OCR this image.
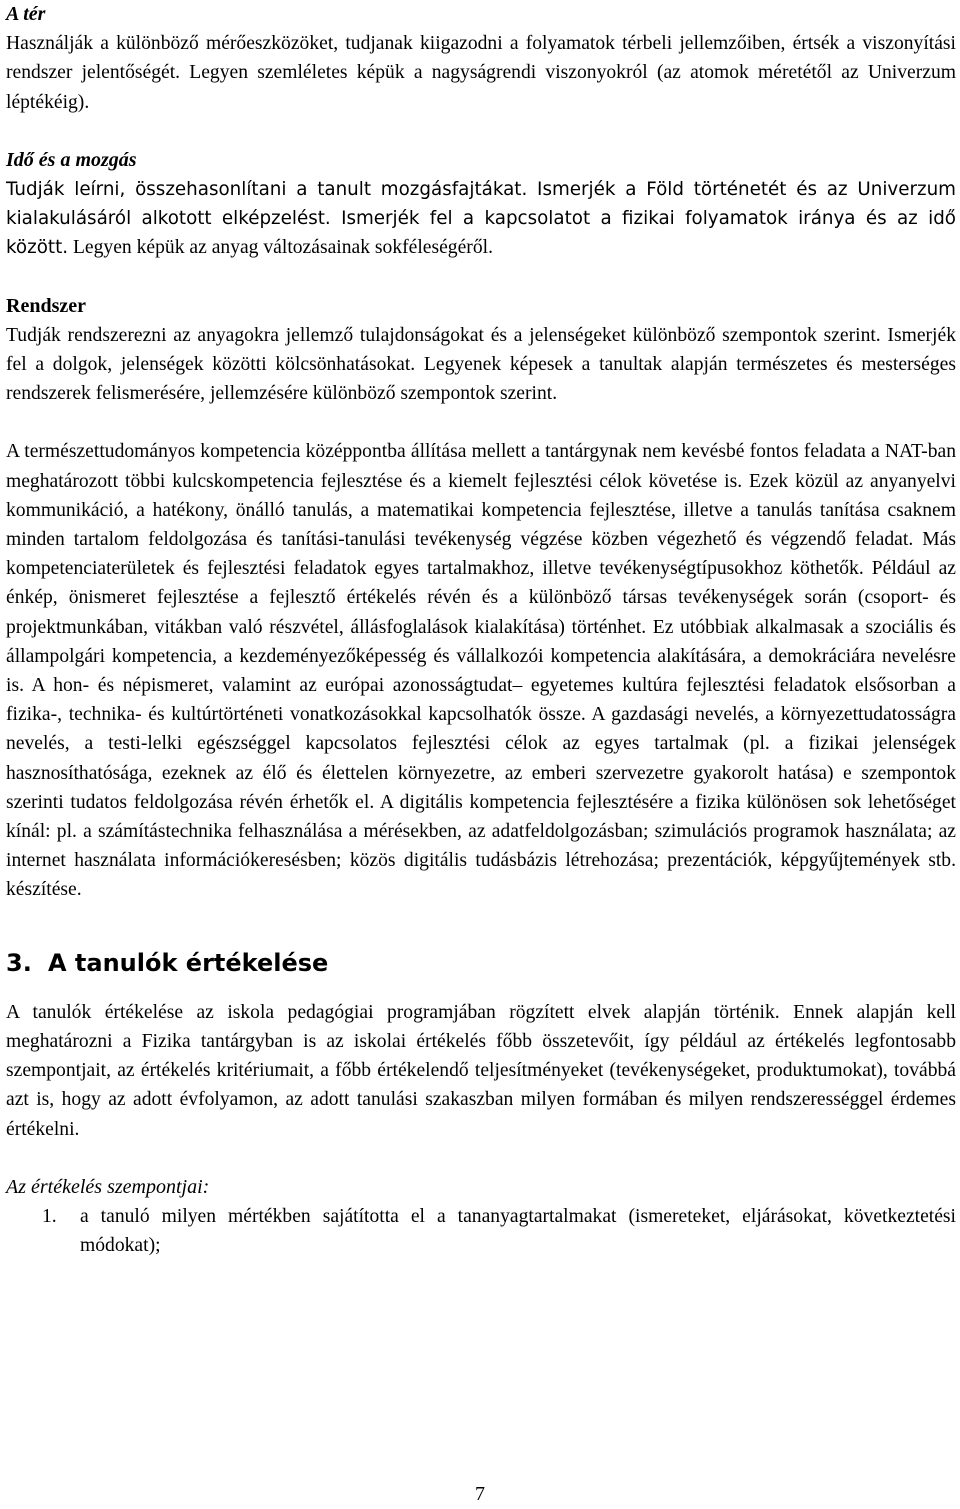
A tér

Használják a különböző mérőeszközöket, tudjanak kiigazodni a folyamatok térbeli jellemzőiben, értsék a viszonyítási rendszer jelentőségét. Legyen szemléletes képük a nagyságrendi viszonyokról (az atomok méretétől az Univerzum léptékéig).

Idő és a mozgás

Tudják leírni, összehasonlítani a tanult mozgásfajtákat. Ismerjék a Föld történetét és az Univerzum kialakulásáról alkotott elképzelést. Ismerjék fel a kapcsolatot a fizikai folyamatok iránya és az idő között. Legyen képük az anyag változásainak sokféleségéről.

Rendszer

Tudják rendszerezni az anyagokra jellemző tulajdonságokat és a jelenségeket különböző szempontok szerint. Ismerjék fel a dolgok, jelenségek közötti kölcsönhatásokat. Legyenek képesek a tanultak alapján természetes és mesterséges rendszerek felismerésére, jellemzésére különböző szempontok szerint.

A természettudományos kompetencia középpontba állítása mellett a tantárgynak nem kevésbé fontos feladata a NAT-ban meghatározott többi kulcskompetencia fejlesztése és a kiemelt fejlesztési célok követése is. Ezek közül az anyanyelvi kommunikáció, a hatékony, önálló tanulás, a matematikai kompetencia fejlesztése, illetve a tanulás tanítása csaknem minden tartalom feldolgozása és tanítási-tanulási tevékenység végzése közben végezhető és végzendő feladat. Más kompetenciaterületek és fejlesztési feladatok egyes tartalmakhoz, illetve tevékenységtípusokhoz köthetők. Például az énkép, önismeret fejlesztése a fejlesztő értékelés révén és a különböző társas tevékenységek során (csoport- és projektmunkában, vitákban való részvétel, állásfoglalások kialakítása) történhet. Ez utóbbiak alkalmasak a szociális és állampolgári kompetencia, a kezdeményezőképesség és vállalkozói kompetencia alakítására, a demokráciára nevelésre is. A hon- és népismeret, valamint az európai azonosságtudat– egyetemes kultúra fejlesztési feladatok elsősorban a fizika-, technika- és kultúrtörténeti vonatkozásokkal kapcsolhatók össze. A gazdasági nevelés, a környezettudatosságra nevelés, a testi-lelki egészséggel kapcsolatos fejlesztési célok az egyes tartalmak (pl. a fizikai jelenségek hasznosíthatósága, ezeknek az élő és élettelen környezetre, az emberi szervezetre gyakorolt hatása) e szempontok szerinti tudatos feldolgozása révén érhetők el. A digitális kompetencia fejlesztésére a fizika különösen sok lehetőséget kínál: pl. a számítástechnika felhasználása a mérésekben, az adatfeldolgozásban; szimulációs programok használata; az internet használata információkeresésben; közös digitális tudásbázis létrehozása; prezentációk, képgyűjtemények stb. készítése.

3. A tanulók értékelése

A tanulók értékelése az iskola pedagógiai programjában rögzített elvek alapján történik. Ennek alapján kell meghatározni a Fizika tantárgyban is az iskolai értékelés főbb összetevőit, így például az értékelés legfontosabb szempontjait, az értékelés kritériumait, a főbb értékelendő teljesítményeket (tevékenységeket, produktumokat), továbbá azt is, hogy az adott évfolyamon, az adott tanulási szakaszban milyen formában és milyen rendszerességgel érdemes értékelni.

Az értékelés szempontjai:

1. a tanuló milyen mértékben sajátította el a tananyagtartalmakat (ismereteket, eljárásokat, következtetési módokat);
7
